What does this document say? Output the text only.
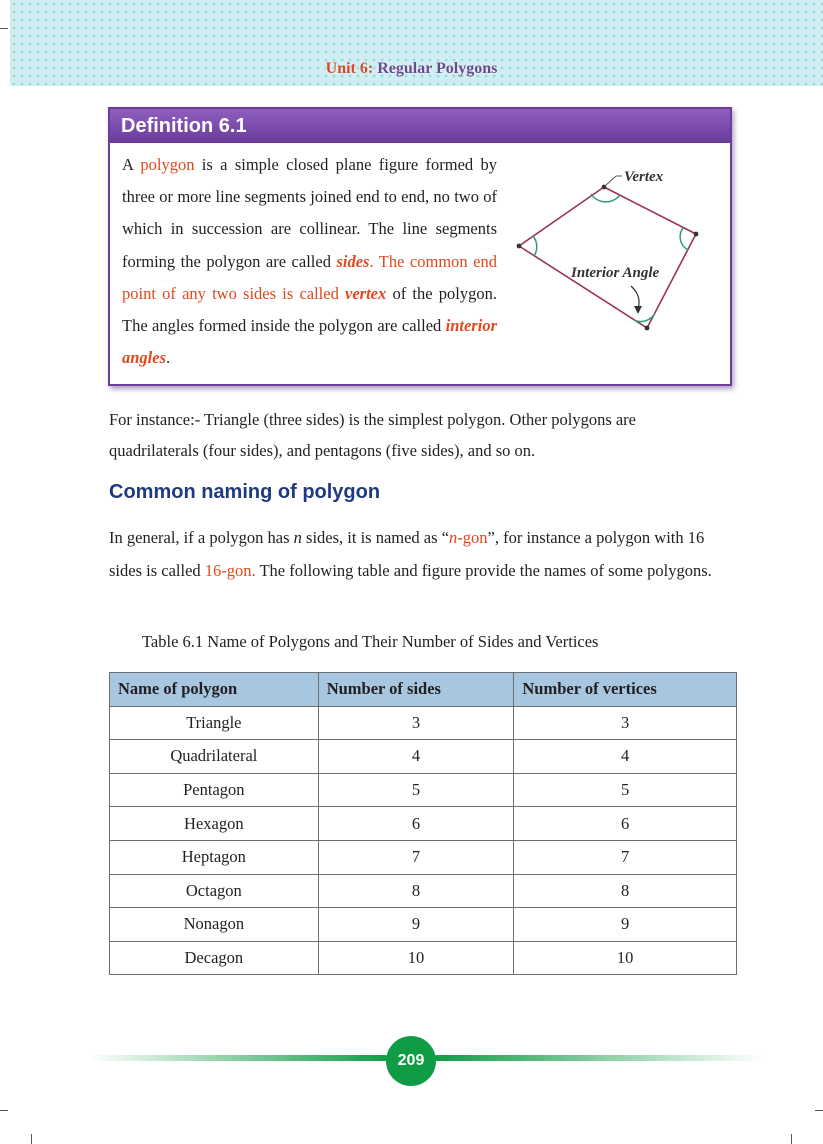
Unit 6: Regular Polygons
Definition 6.1
A polygon is a simple closed plane figure formed by three or more line segments joined end to end, no two of which in succession are collinear. The line segments forming the polygon are called sides. The common end point of any two sides is called vertex of the polygon. The angles formed inside the polygon are called interior angles.
Vertex
Interior Angle
For instance:- Triangle (three sides) is the simplest polygon. Other polygons are quadrilaterals (four sides), and pentagons (five sides), and so on.
Common naming of polygon
In general, if a polygon has n sides, it is named as “n-gon”, for instance a polygon with 16 sides is called 16-gon. The following table and figure provide the names of some polygons.
Table 6.1 Name of Polygons and Their Number of Sides and Vertices
Name of polygon	Number of sides	Number of vertices
Triangle	3	3
Quadrilateral	4	4
Pentagon	5	5
Hexagon	6	6
Heptagon	7	7
Octagon	8	8
Nonagon	9	9
Decagon	10	10
209
